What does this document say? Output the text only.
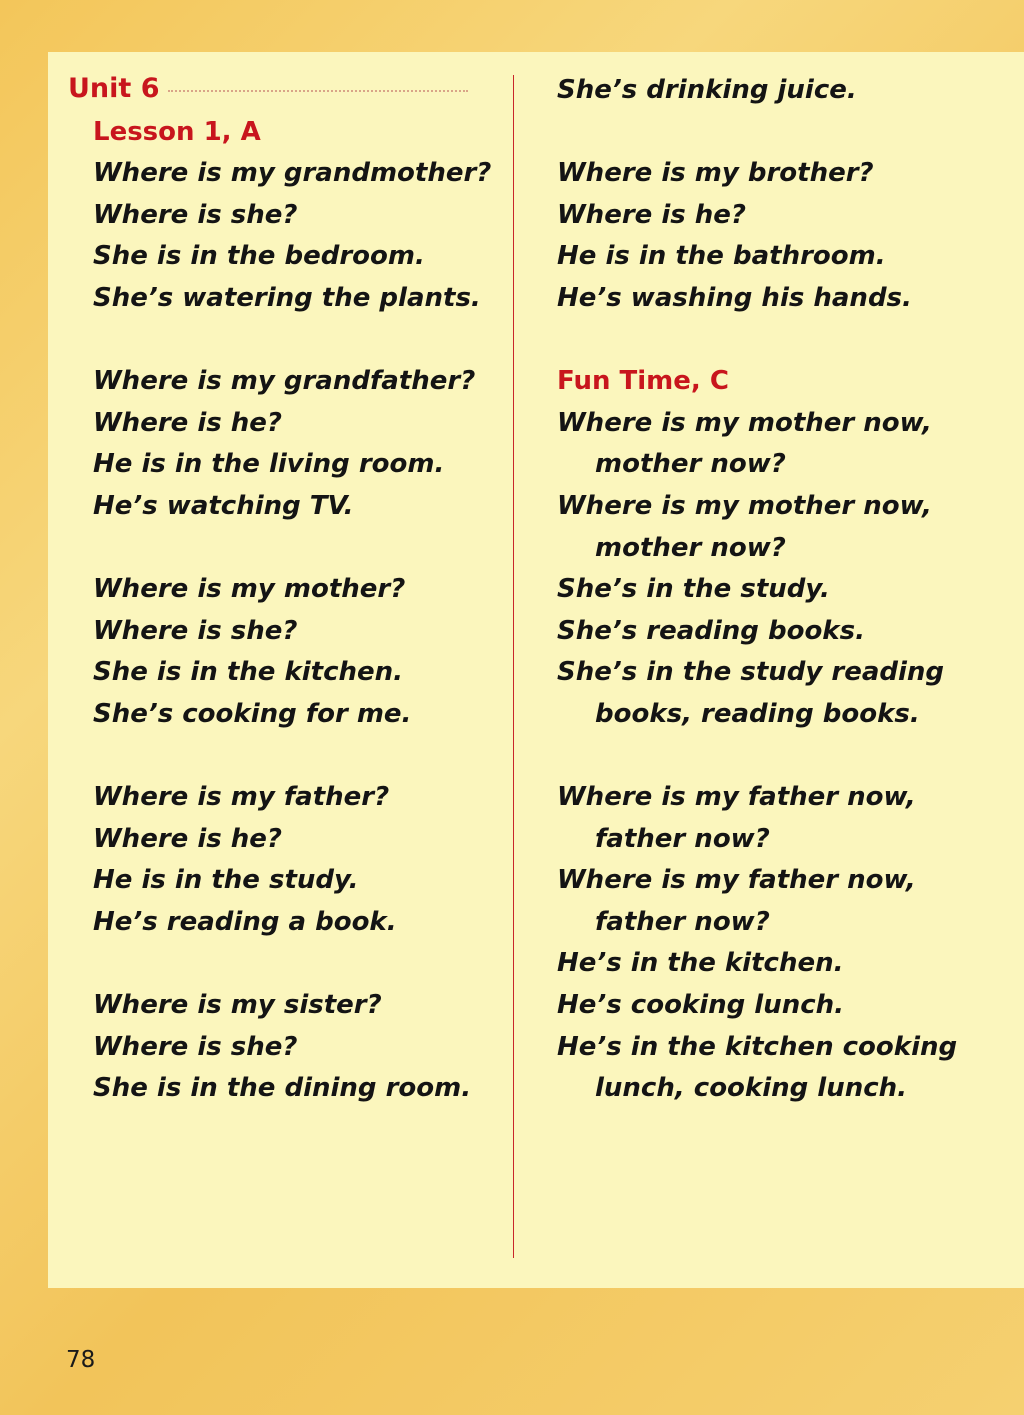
Unit 6
Lesson 1, A
Where is my grandmother?
Where is she?
She is in the bedroom.
She’s watering the plants.
Where is my grandfather?
Where is he?
He is in the living room.
He’s watching TV.
Where is my mother?
Where is she?
She is in the kitchen.
She’s cooking for me.
Where is my father?
Where is he?
He is in the study.
He’s reading a book.
Where is my sister?
Where is she?
She is in the dining room.
She’s drinking juice.
Where is my brother?
Where is he?
He is in the bathroom.
He’s washing his hands.
Fun Time, C
Where is my mother now,
mother now?
Where is my mother now,
mother now?
She’s in the study.
She’s reading books.
She’s in the study reading
books, reading books.
Where is my father now,
father now?
Where is my father now,
father now?
He’s in the kitchen.
He’s cooking lunch.
He’s in the kitchen cooking
lunch, cooking lunch.
78
